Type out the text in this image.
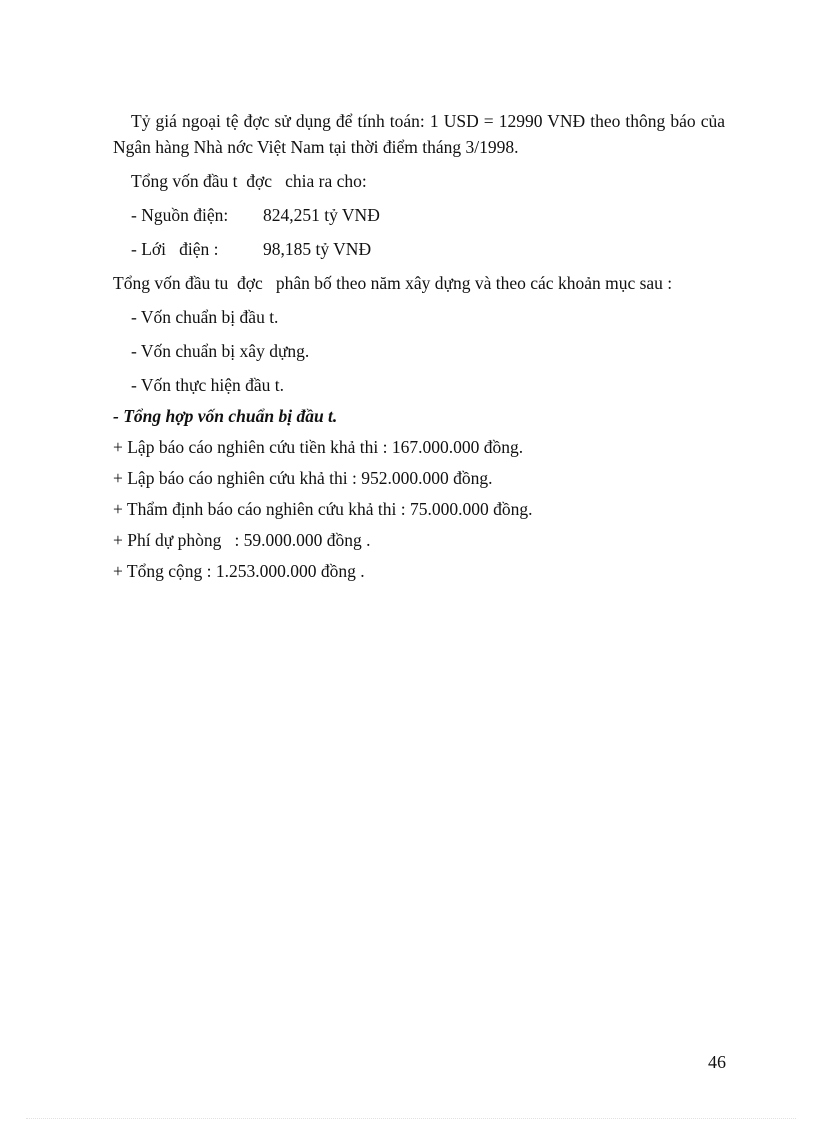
Tỷ giá ngoại tệ đợc sử dụng để tính toán: 1 USD = 12990 VNĐ theo thông báo của Ngân hàng Nhà nớc Việt Nam tại thời điểm tháng 3/1998.

Tổng vốn đầu t  đợc   chia ra cho:

- Nguồn điện: 824,251 tỷ VNĐ

- Lới   điện :	98,185 tỷ VNĐ

Tổng vốn đầu tu  đợc   phân bố theo năm xây dựng và theo các khoản mục sau :

- Vốn chuẩn bị đầu t.

- Vốn chuẩn bị xây dựng.

- Vốn thực hiện đầu t.

- Tổng hợp vốn chuẩn bị đầu t.

+ Lập báo cáo nghiên cứu tiền khả thi : 167.000.000 đồng.

+ Lập báo cáo nghiên cứu khả thi : 952.000.000 đồng.

+ Thẩm định báo cáo nghiên cứu khả thi : 75.000.000 đồng.

+ Phí dự phòng   : 59.000.000 đồng .

+ Tổng cộng : 1.253.000.000 đồng .

46
